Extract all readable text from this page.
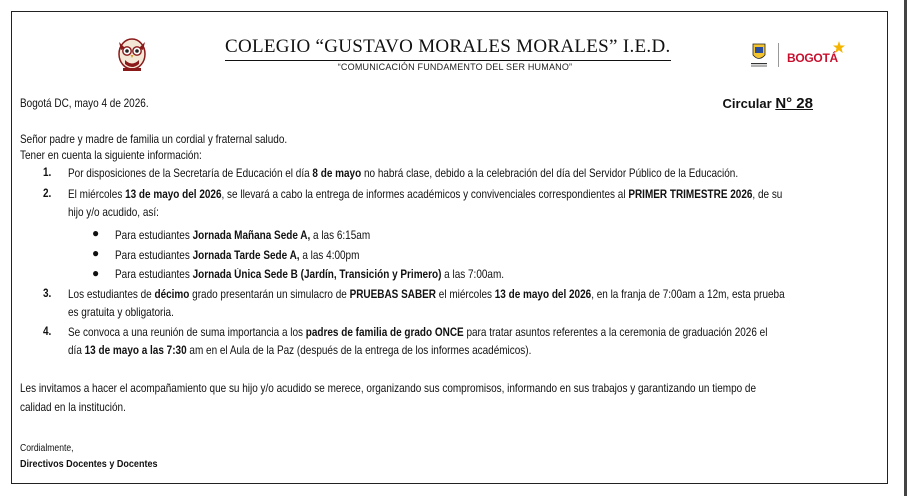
BOGOTÁ
COLEGIO “GUSTAVO MORALES MORALES” I.E.D.
“COMUNICACIÓN FUNDAMENTO DEL SER HUMANO”
Bogotá DC, mayo 4 de 2026.	Circular N° 28
Señor padre y madre de familia un cordial y fraternal saludo.
Tener en cuenta la siguiente información:
1. Por disposiciones de la Secretaría de Educación el día 8 de mayo no habrá clase, debido a la celebración del día del Servidor Público de la Educación.
2. El miércoles 13 de mayo del 2026, se llevará a cabo la entrega de informes académicos y convivenciales correspondientes al PRIMER TRIMESTRE 2026, de su
hijo y/o acudido, así:
● Para estudiantes Jornada Mañana Sede A, a las 6:15am
● Para estudiantes Jornada Tarde Sede A, a las 4:00pm
● Para estudiantes Jornada Única Sede B (Jardín, Transición y Primero) a las 7:00am.
3. Los estudiantes de décimo grado presentarán un simulacro de PRUEBAS SABER el miércoles 13 de mayo del 2026, en la franja de 7:00am a 12m, esta prueba
es gratuita y obligatoria.
4. Se convoca a una reunión de suma importancia a los padres de familia de grado ONCE para tratar asuntos referentes a la ceremonia de graduación 2026 el
día 13 de mayo a las 7:30 am en el Aula de la Paz (después de la entrega de los informes académicos).
Les invitamos a hacer el acompañamiento que su hijo y/o acudido se merece, organizando sus compromisos, informando en sus trabajos y garantizando un tiempo de
calidad en la institución.
Cordialmente,
Directivos Docentes y Docentes
